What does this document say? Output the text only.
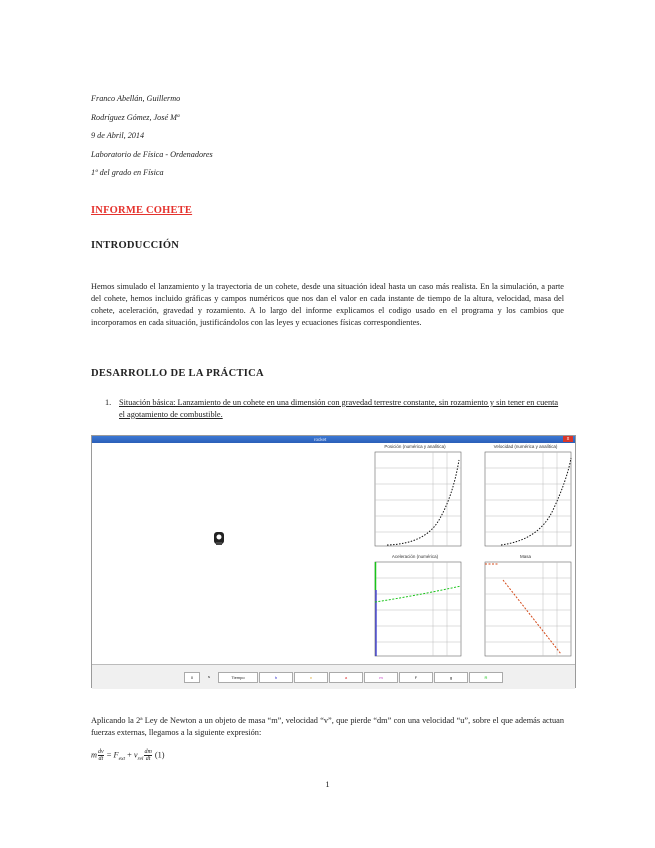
Franco Abellán, Guillermo
Rodríguez Gómez, José Mª
9 de Abril, 2014
Laboratorio de Física - Ordenadores
1º del grado en Física
INFORME COHETE
INTRODUCCIÓN
Hemos simulado el lanzamiento y la trayectoria de un cohete, desde una situación ideal hasta un caso más realista. En la simulación, a parte del cohete, hemos incluido gráficas y campos numéricos que nos dan el valor en cada instante de tiempo de la altura, velocidad, masa del cohete, aceleración, gravedad y rozamiento. A lo largo del informe explicamos el codigo usado en el programa y los cambios que incorporamos en cada situación, justificándolos con las leyes y ecuaciones físicas correspondientes.
DESARROLLO DE LA PRÁCTICA
1. Situación básica: Lanzamiento de un cohete en una dimensión con gravedad terrestre constante, sin rozamiento y sin tener en cuenta el agotamiento de combustible.
rocket	x
Posición (numérica y analítica)	Velocidad (numérica y analítica)
Aceleración (numérica)	Masa
0	s	Tiempo	h	v	a	m	F	g	R
Aplicando la 2ª Ley de Newton a un objeto de masa “m”, velocidad “v”, que pierde “dm” con una velocidad “u”, sobre el que además actuan fuerzas externas, llegamos a la siguiente expresión:
m $\frac{dv}{dt} = F_{ext} + v_{rel} \frac{dm}{dt} (1)$
1
